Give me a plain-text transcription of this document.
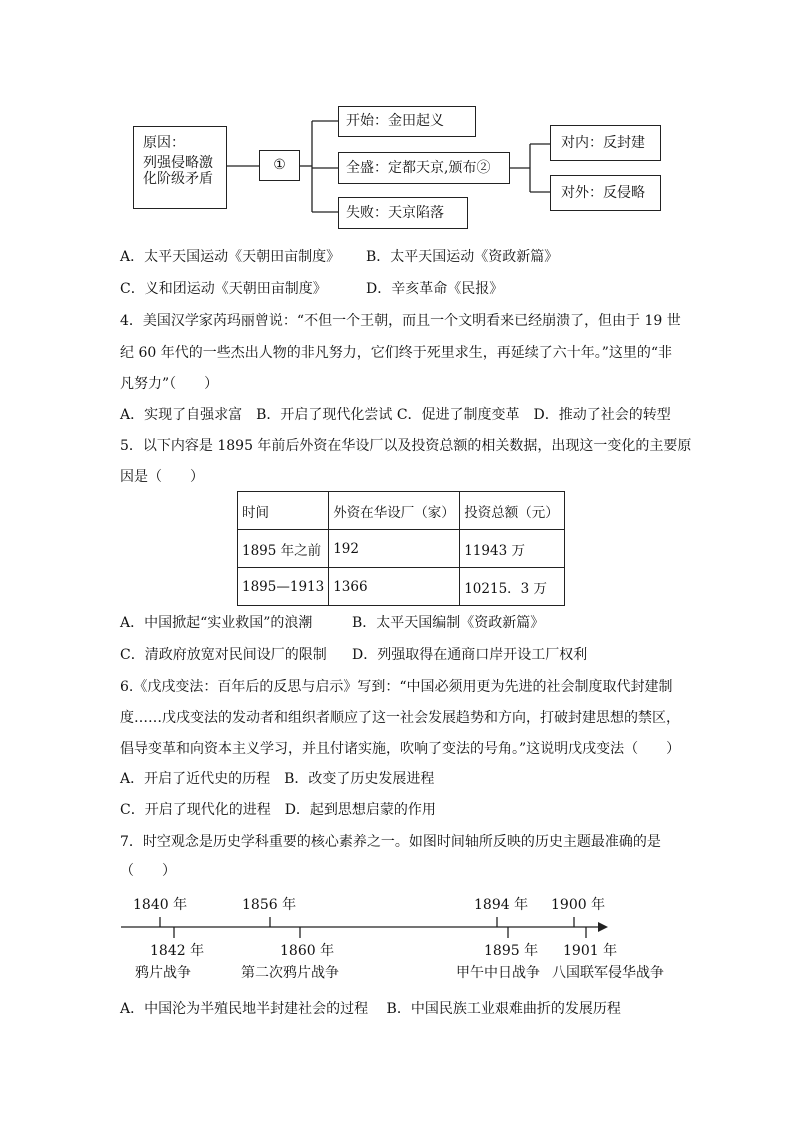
原因：
列强侵略激化阶级矛盾
①
开始：金田起义
全盛：定都天京,颁布②
失败：天京陷落
对内：反封建
对外：反侵略
A．太平天国运动《天朝田亩制度》 B．太平天国运动《资政新篇》
C．义和团运动《天朝田亩制度》	D．辛亥革命《民报》
4．美国汉学家芮玛丽曾说：“不但一个王朝，而且一个文明看来已经崩溃了，但由于 19 世
纪 60 年代的一些杰出人物的非凡努力，它们终于死里求生，再延续了六十年。”这里的“非
凡努力”（　　）
A．实现了自强求富　B．开启了现代化尝试 C．促进了制度变革　D．推动了社会的转型
5．以下内容是 1895 年前后外资在华设厂以及投资总额的相关数据，出现这一变化的主要原
因是（　　）
时间	外资在华设厂（家）	投资总额（元）
1895 年之前	192	11943 万
1895—1913	1366	10215．3 万
A．中国掀起“实业救国”的浪潮	B．太平天国编制《资政新篇》
C．清政府放宽对民间设厂的限制 D．列强取得在通商口岸开设工厂权利
6.《戊戌变法：百年后的反思与启示》写到：“中国必须用更为先进的社会制度取代封建制
度……戊戌变法的发动者和组织者顺应了这一社会发展趋势和方向，打破封建思想的禁区，
倡导变革和向资本主义学习，并且付诸实施，吹响了变法的号角。”这说明戊戌变法（　　）
A．开启了近代史的历程　B．改变了历史发展进程
C．开启了现代化的进程　D．起到思想启蒙的作用
7．时空观念是历史学科重要的核心素养之一。如图时间轴所反映的历史主题最准确的是
（　　）
1840 年	1856 年	1894 年 1900 年
1842 年	1860 年	1895 年 1901 年
鸦片战争	第二次鸦片战争	甲午中日战争 八国联军侵华战争
A．中国沦为半殖民地半封建社会的过程　 B．中国民族工业艰难曲折的发展历程
